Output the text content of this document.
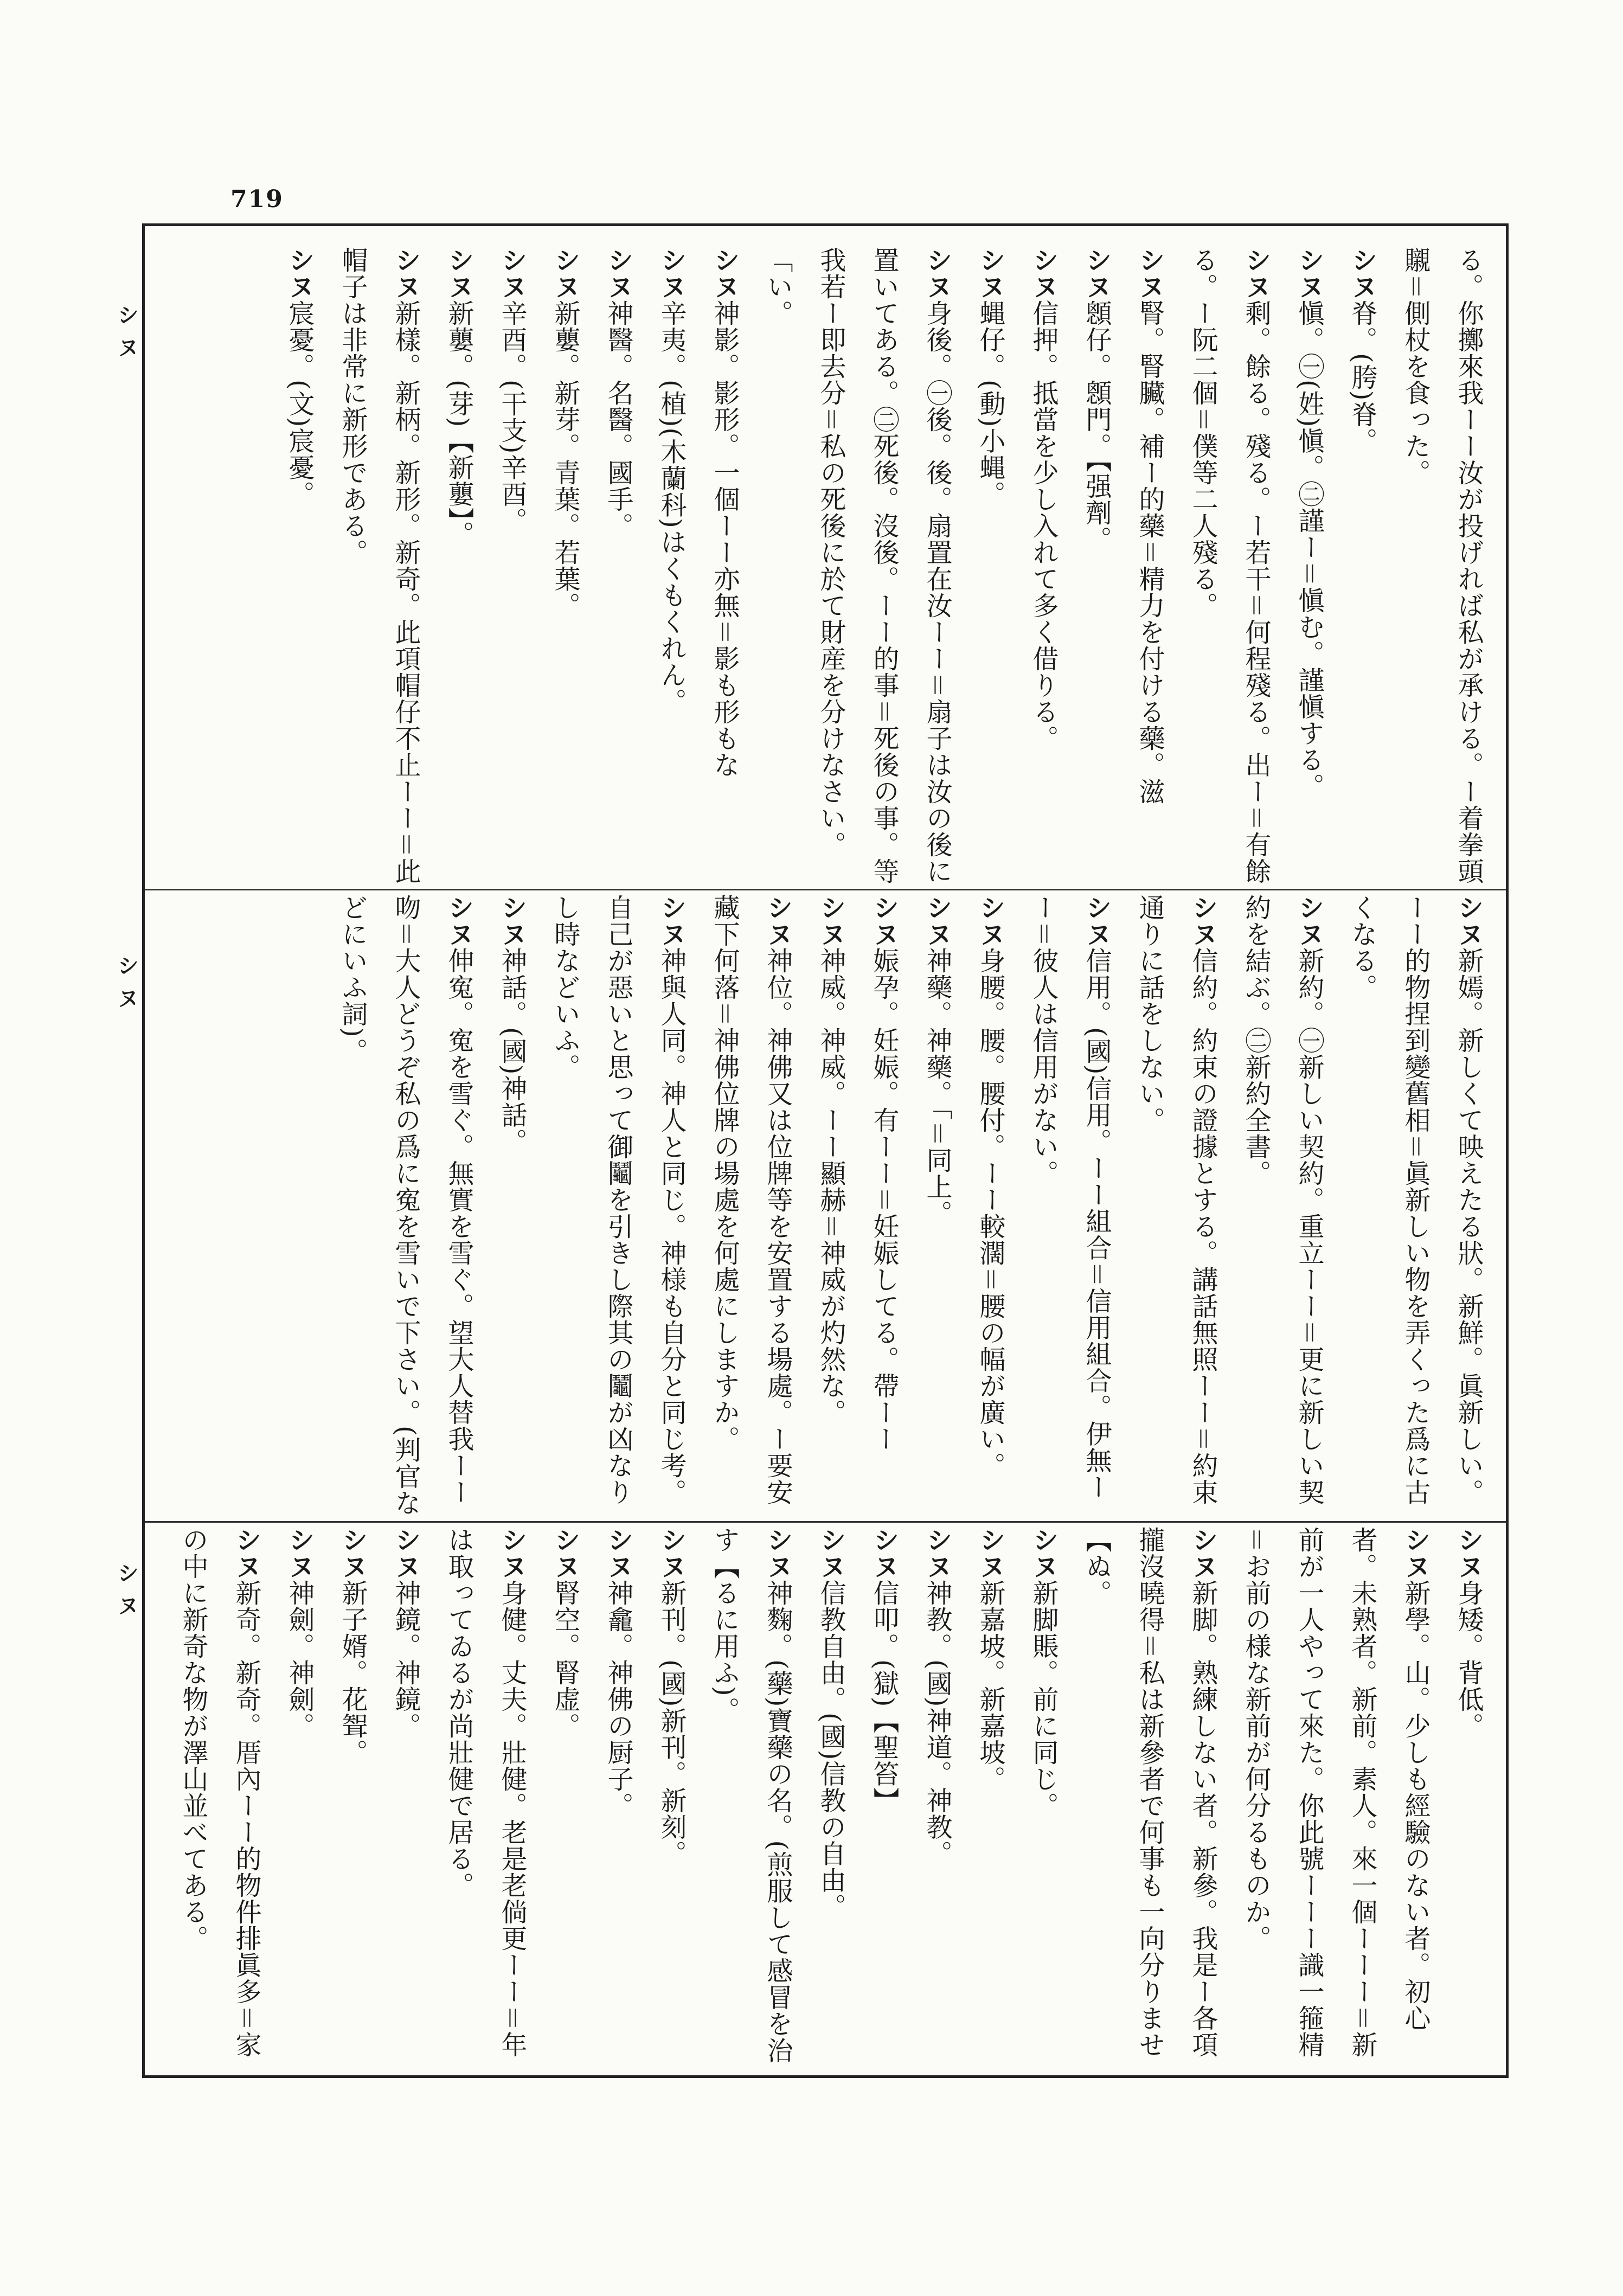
719
シヌ
シヌ
シヌ
る。你擲來我ーー汝が投げれば私が承ける。ー着拳頭䞋＝側杖を食った。
シヌ脊。(胯)脊。
シヌ愼。㊀(姓)愼。㊁謹ー＝愼む。謹愼する。
シヌ剩。餘る。殘る。ー若干＝何程殘る。出ー＝有餘る。ー阮二個＝僕等二人殘る。
シヌ腎。腎臟。補ー的藥＝精力を付ける藥。滋
シヌ顖仔。顖門。【强劑。
シヌ信押。抵當を少し入れて多く借りる。
シヌ蝿仔。(動)小蝿。
シヌ身後。㊀後。後。扇置在汝ーー＝扇子は汝の後に置いてある。㊁死後。沒後。ーー的事＝死後の事。等我若ー即去分＝私の死後に於て財産を分けなさい。「い。
シヌ神影。影形。一個ーー亦無＝影も形もな
シヌ辛夷。(植)(木蘭科)はくもくれん。
シヌ神醫。名醫。國手。
シヌ新蘡。新芽。青葉。若葉。
シヌ辛酉。(干支)辛酉。
シヌ新蘡。(芽)【新蘡】。
シヌ新樣。新柄。新形。新奇。此項帽仔不止ーー＝此帽子は非常に新形である。
シヌ宸憂。(文)宸憂。
シヌ新嫣。新しくて映えたる狀。新鮮。眞新しい。ーー的物捏到變舊相＝眞新しい物を弄くった爲に古くなる。
シヌ新約。㊀新しい契約。重立ーー＝更に新しい契約を結ぶ。㊁新約全書。
シヌ信約。約束の證據とする。講話無照ーー＝約束通りに話をしない。
シヌ信用。(國)信用。ーー組合＝信用組合。伊無ーー＝彼人は信用がない。
シヌ身腰。腰。腰付。ーー較濶＝腰の幅が廣い。
シヌ神藥。神藥。「＝同上。
シヌ娠孕。妊娠。有ーー＝妊娠してる。帶ーー
シヌ神威。神威。ーー顯赫＝神威が灼然な。
シヌ神位。神佛又は位牌等を安置する場處。ー要安藏下何落＝神佛位牌の場處を何處にしますか。
シヌ神與人同。神人と同じ。神様も自分と同じ考。自己が惡いと思って御鬮を引きし際其の鬮が凶なりし時などいふ。
シヌ神話。(國)神話。
シヌ伸寃。寃を雪ぐ。無實を雪ぐ。望大人替我ーー吻＝大人どうぞ私の爲に寃を雪いで下さい。(判官などにいふ詞)。
シヌ身矮。背低。
シヌ新學。山。少しも經驗のない者。初心者。未熟者。新前。素人。來一個ーーー＝新前が一人やって來た。你此號ーーー識一箍精＝お前の様な新前が何分るものか。
シヌ新脚。熟練しない者。新參。我是ー各項攏沒曉得＝私は新參者で何事も一向分りませ【ぬ。
シヌ新脚賬。前に同じ。
シヌ新嘉坡。新嘉坡。
シヌ神教。(國)神道。神教。
シヌ信叩。(獄)【聖笞】
シヌ信教自由。(國)信教の自由。
シヌ神麴。(藥)寶藥の名。(煎服して感冒を治す【るに用ふ)。
シヌ新刊。(國)新刊。新刻。
シヌ神龕。神佛の厨子。
シヌ腎空。腎虚。
シヌ身健。丈夫。壯健。老是老倘更ーー＝年は取ってゐるが尚壯健で居る。
シヌ神鏡。神鏡。
シヌ新子婿。花聟。
シヌ神劍。神劍。
シヌ新奇。新奇。厝內ーー的物件排眞多＝家の中に新奇な物が澤山並べてある。
